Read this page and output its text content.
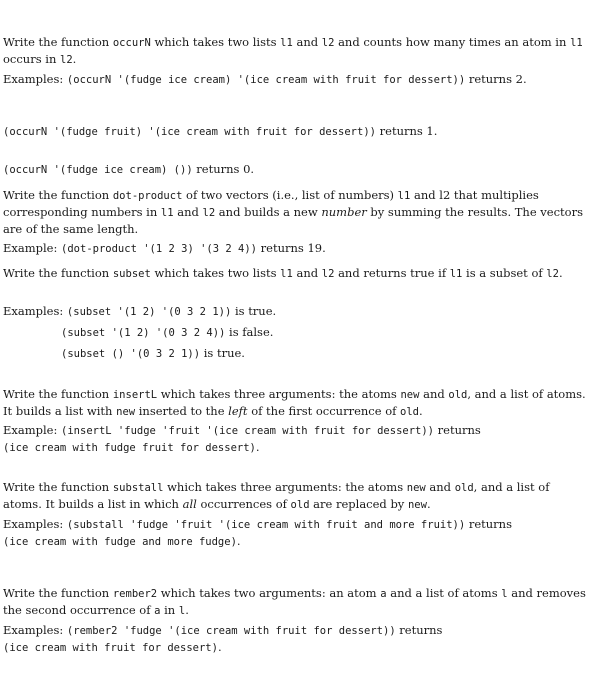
Write the function occurN which takes two lists l1 and l2 and counts how many times an atom in l1 occurs in l2.

Examples: (occurN '(fudge ice cream) '(ice cream with fruit for dessert)) returns 2.

(occurN '(fudge fruit) '(ice cream with fruit for dessert)) returns 1.

(occurN '(fudge ice cream) ()) returns 0.

Write the function dot-product of two vectors (i.e., list of numbers) l1 and l2 that multiplies corresponding numbers in l1 and l2 and builds a new number by summing the results. The vectors are of the same length.

Example: (dot-product '(1 2 3) '(3 2 4)) returns 19.

Write the function subset which takes two lists l1 and l2 and returns true if l1 is a subset of l2.

Examples: (subset '(1 2) '(0 3 2 1)) is true.

(subset '(1 2) '(0 3 2 4)) is false.

(subset () '(0 3 2 1)) is true.

Write the function insertL which takes three arguments: the atoms new and old, and a list of atoms. It builds a list with new inserted to the left of the first occurrence of old.

Example: (insertL 'fudge 'fruit '(ice cream with fruit for dessert)) returns
(ice cream with fudge fruit for dessert).

Write the function substall which takes three arguments: the atoms new and old, and a list of atoms. It builds a list in which all occurrences of old are replaced by new.

Examples: (substall 'fudge 'fruit '(ice cream with fruit and more fruit)) returns
(ice cream with fudge and more fudge).

Write the function rember2 which takes two arguments: an atom a and a list of atoms l and removes the second occurrence of a in l.

Examples: (rember2 'fudge '(ice cream with fruit for dessert)) returns
(ice cream with fruit for dessert).
